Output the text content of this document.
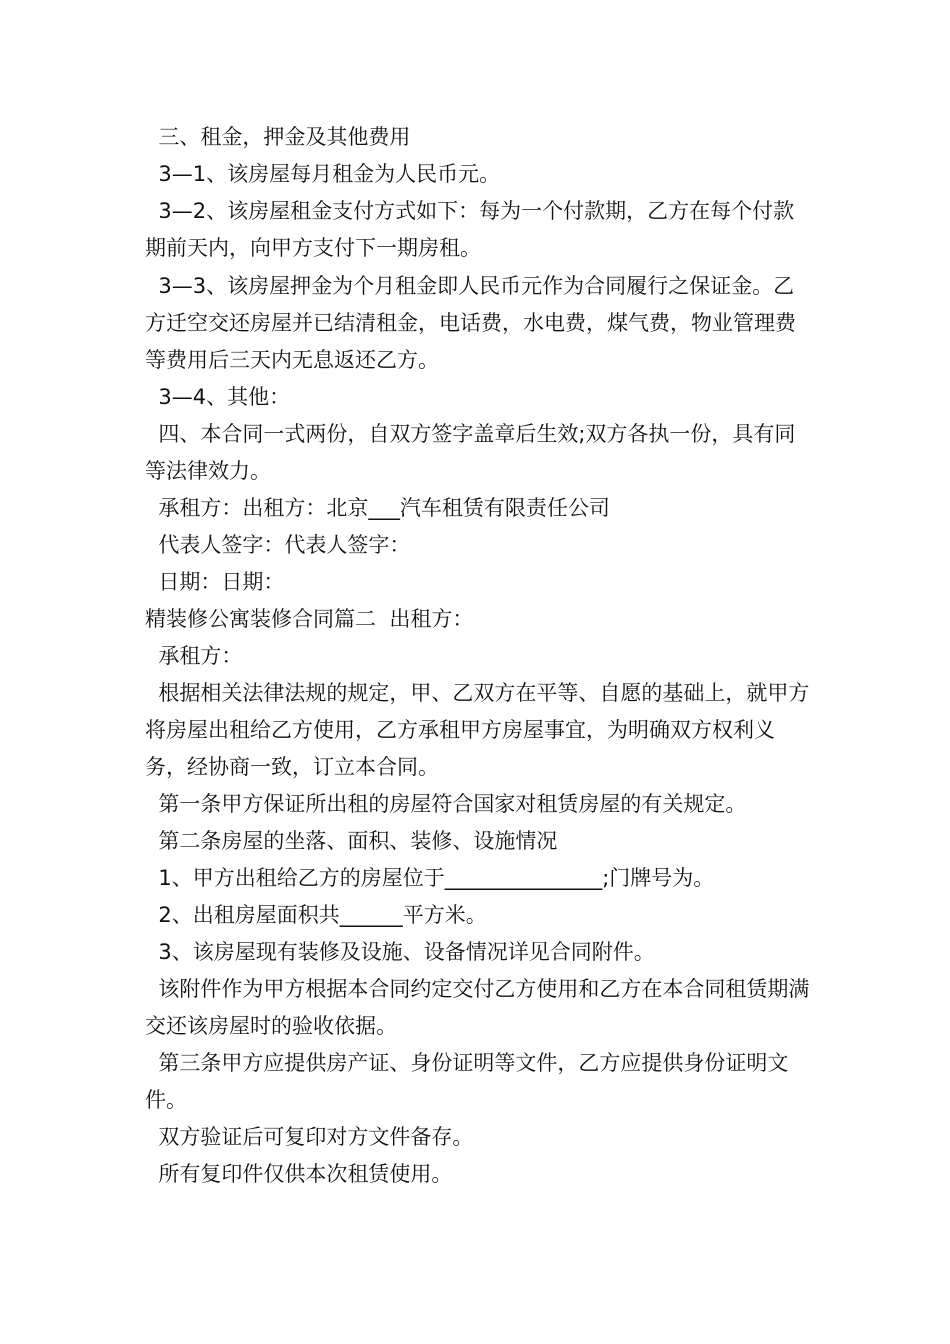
三、租金，押金及其他费用

3—1、该房屋每月租金为人民币元。

3—2、该房屋租金支付方式如下：每为一个付款期，乙方在每个付款期前天内，向甲方支付下一期房租。

3—3、该房屋押金为个月租金即人民币元作为合同履行之保证金。乙方迁空交还房屋并已结清租金，电话费，水电费，煤气费，物业管理费等费用后三天内无息返还乙方。

3—4、其他：

四、本合同一式两份，自双方签字盖章后生效;双方各执一份，具有同等法律效力。

承租方：出租方：北京___汽车租赁有限责任公司

代表人签字：代表人签字：

日期：日期：

精装修公寓装修合同篇二  出租方：

承租方：

根据相关法律法规的规定，甲、乙双方在平等、自愿的基础上，就甲方将房屋出租给乙方使用，乙方承租甲方房屋事宜，为明确双方权利义务，经协商一致，订立本合同。

第一条甲方保证所出租的房屋符合国家对租赁房屋的有关规定。

第二条房屋的坐落、面积、装修、设施情况

1、甲方出租给乙方的房屋位于_______________;门牌号为。

2、出租房屋面积共______平方米。

3、该房屋现有装修及设施、设备情况详见合同附件。

该附件作为甲方根据本合同约定交付乙方使用和乙方在本合同租赁期满交还该房屋时的验收依据。

第三条甲方应提供房产证、身份证明等文件，乙方应提供身份证明文件。

双方验证后可复印对方文件备存。

所有复印件仅供本次租赁使用。
